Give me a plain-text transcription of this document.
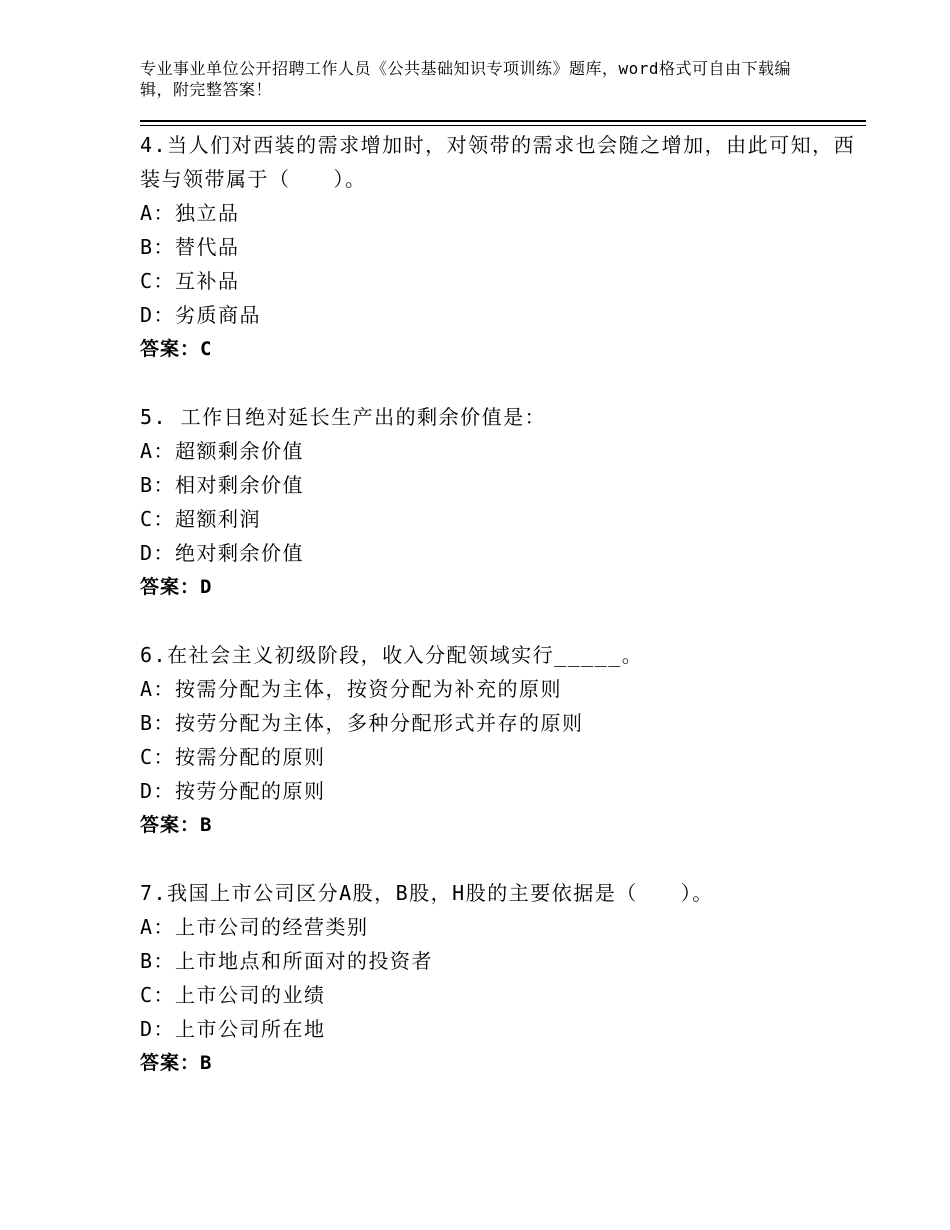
专业事业单位公开招聘工作人员《公共基础知识专项训练》题库，word格式可自由下载编辑，附完整答案！

4.当人们对西装的需求增加时，对领带的需求也会随之增加，由此可知，西装与领带属于（　　）。

A：独立品

B：替代品

C：互补品

D：劣质商品

答案：C

5. 工作日绝对延长生产出的剩余价值是：

A：超额剩余价值

B：相对剩余价值

C：超额利润

D：绝对剩余价值

答案：D

6.在社会主义初级阶段，收入分配领域实行_____。

A：按需分配为主体，按资分配为补充的原则

B：按劳分配为主体，多种分配形式并存的原则

C：按需分配的原则

D：按劳分配的原则

答案：B

7.我国上市公司区分A股，B股，H股的主要依据是（　　）。

A：上市公司的经营类别

B：上市地点和所面对的投资者

C：上市公司的业绩

D：上市公司所在地

答案：B
